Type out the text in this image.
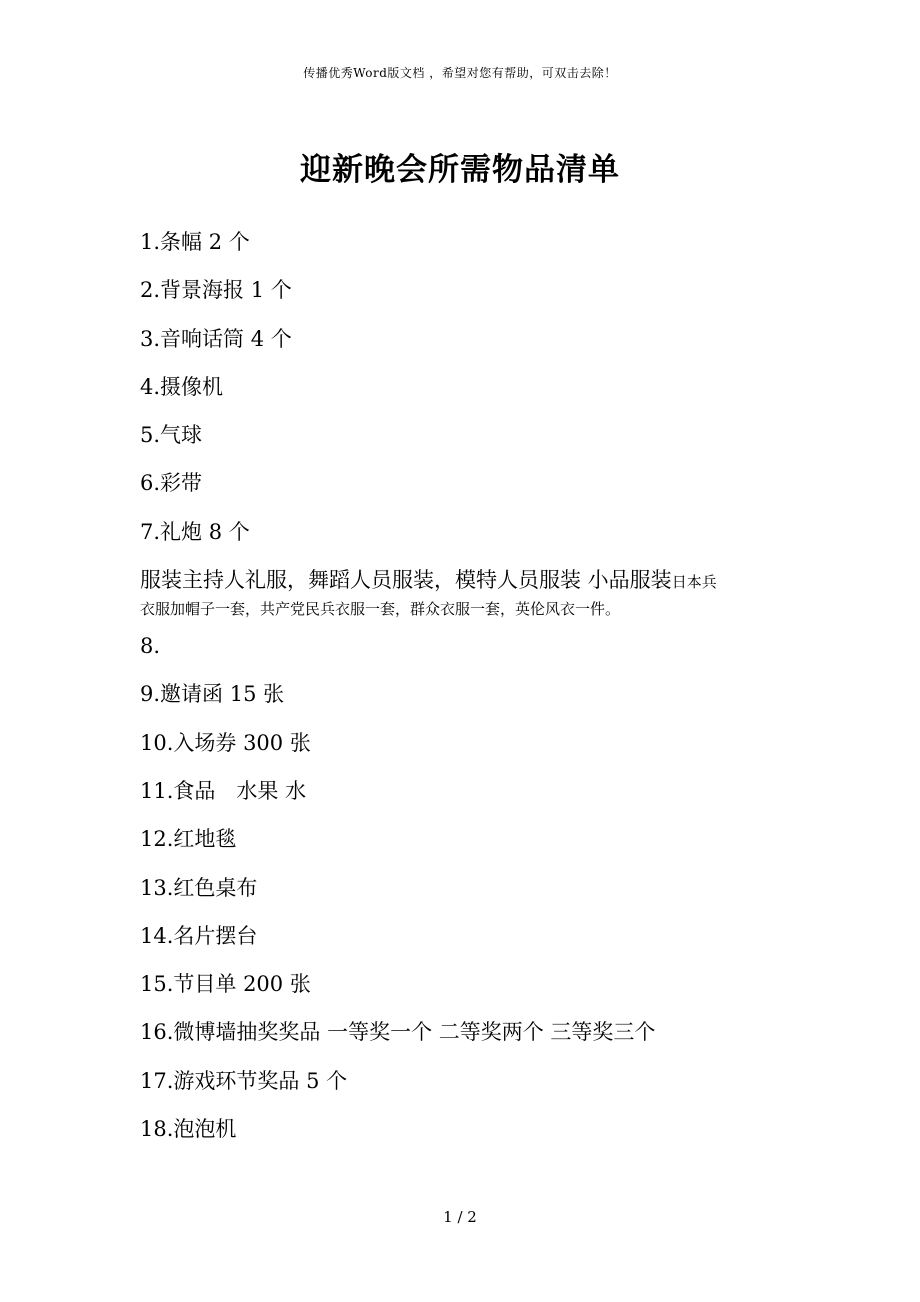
传播优秀Word版文档 ，希望对您有帮助，可双击去除！
迎新晚会所需物品清单
1.条幅 2 个
2.背景海报 1 个
3.音响话筒 4 个
4.摄像机
5.气球
6.彩带
7.礼炮 8 个
服装主持人礼服，舞蹈人员服装，模特人员服装 小品服装日本兵
衣服加帽子一套，共产党民兵衣服一套，群众衣服一套，英伦风衣一件。
8.
9.邀请函 15 张
10.入场券 300 张
11.食品　水果 水
12.红地毯
13.红色桌布
14.名片摆台
15.节目单 200 张
16.微博墙抽奖奖品 一等奖一个 二等奖两个 三等奖三个
17.游戏环节奖品 5 个
18.泡泡机
1 / 2
